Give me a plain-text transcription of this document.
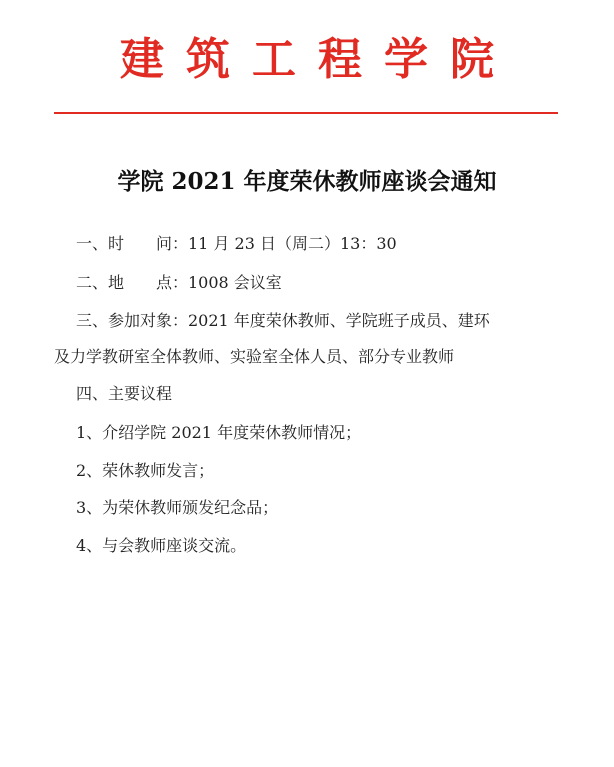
建筑工程学院
学院 2021 年度荣休教师座谈会通知
一、时　　问：11 月 23 日（周二）13：30
二、地　　点：1008 会议室
三、参加对象：2021 年度荣休教师、学院班子成员、建环
及力学教研室全体教师、实验室全体人员、部分专业教师
四、主要议程
1、介绍学院 2021 年度荣休教师情况；
2、荣休教师发言；
3、为荣休教师颁发纪念品；
4、与会教师座谈交流。
